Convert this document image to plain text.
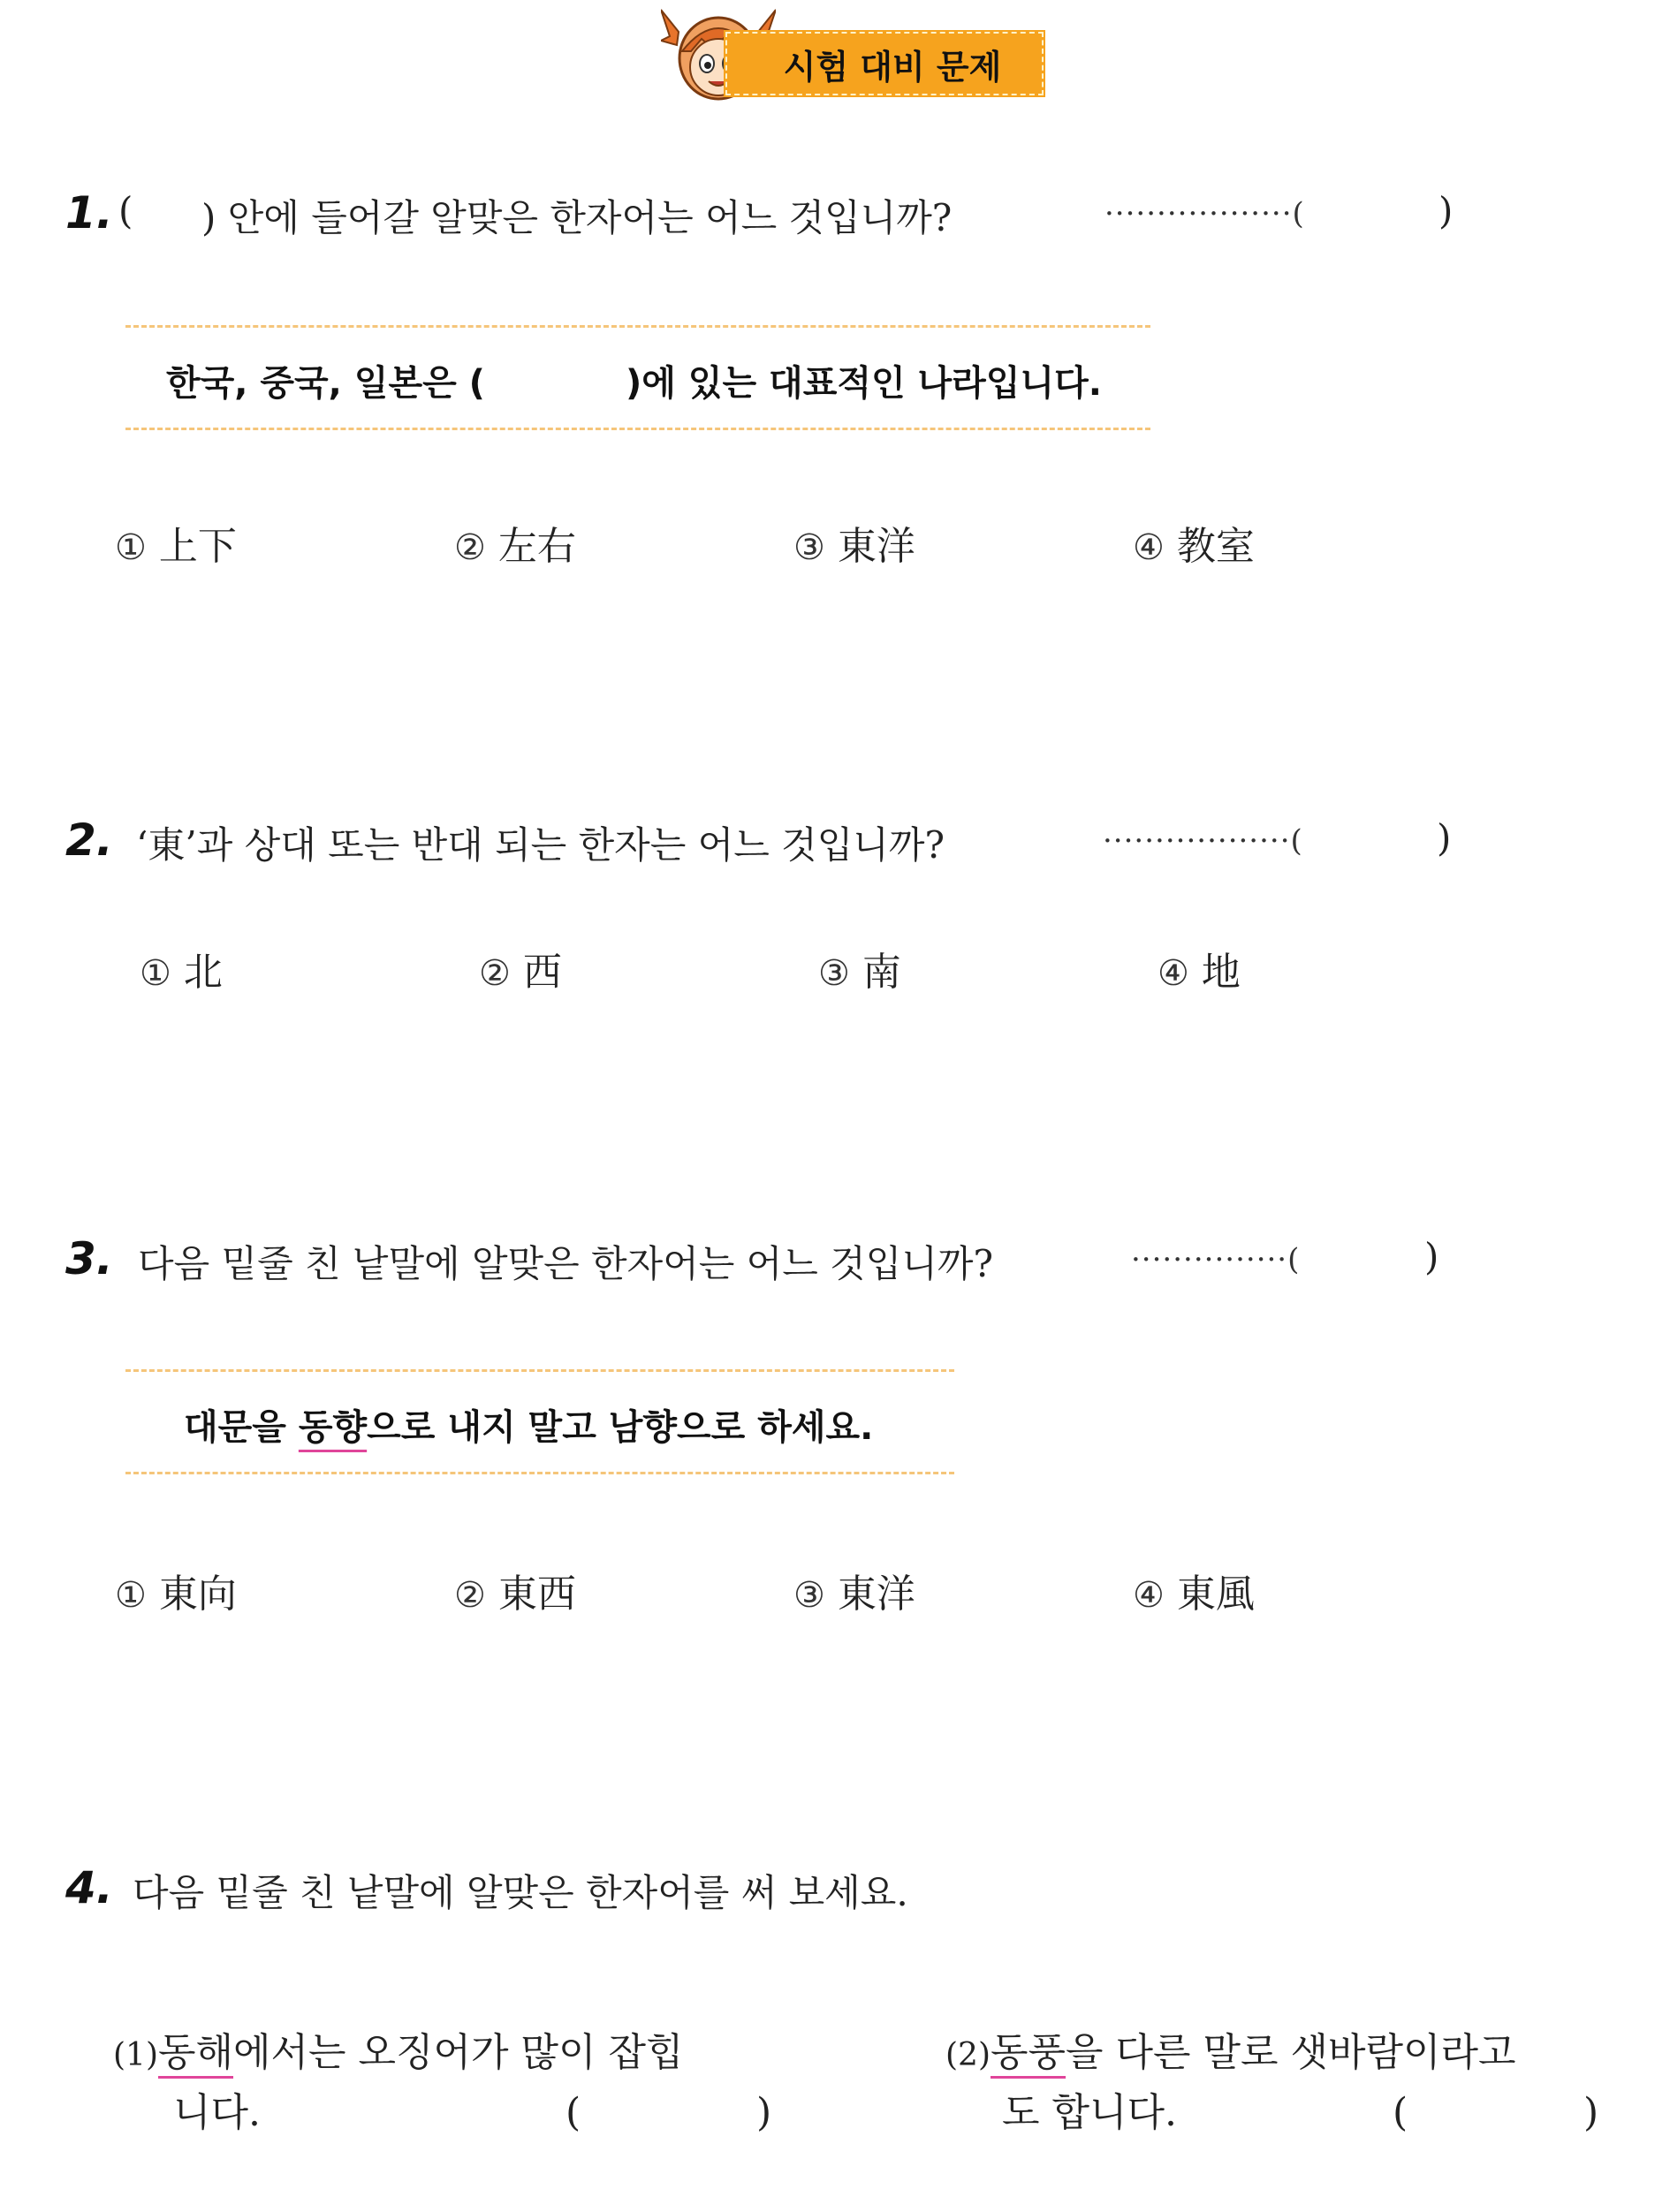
시험 대비 문제
1. ( ) 안에 들어갈 알맞은 한자어는 어느 것입니까?	··················(	)
한국, 중국, 일본은 (	)에 있는 대표적인 나라입니다.
① 上下	② 左右	③ 東洋	④ 教室
2. ‘東’과 상대 또는 반대 되는 한자는 어느 것입니까?	··················(	)
① 北	② 西	③ 南	④ 地
3. 다음 밑줄 친 낱말에 알맞은 한자어는 어느 것입니까?	···············(	)
대문을 동향으로 내지 말고 남향으로 하세요.
① 東向	② 東西	③ 東洋	④ 東風
4. 다음 밑줄 친 낱말에 알맞은 한자어를 써 보세요.
(1)동해에서는 오징어가 많이 잡힙
니다.	(	)
(2)동풍을 다른 말로 샛바람이라고
도 합니다.	(	)
